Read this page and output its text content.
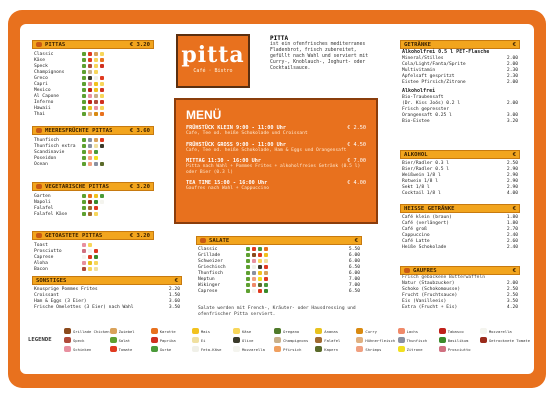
PITTAS	€ 3.20
Classic
Käse
Speck
Champignons
Greco
Capri
Mexico
Al Capone
Inferno
Hawaii
Thai
MEERESFRÜCHTE PITTAS	€ 3.60
Thunfisch
Thunfisch extra
Scandinavie
Poseidon
Ocean
VEGETARISCHE PITTAS	€ 3.20
Garten
Napoli
Falafel
Falafel Käse
GETOASTETE PITTAS	€ 3.20
Toast
Prosciutto
Caprese
Aloha
Bacon
SONSTIGES	€
Knusprige Pommes Frites	2.20
Croissant	1.50
Ham & Eggs (3 Eier)	3.60
Frische Omelettes (3 Eier) nach Wahl	3.50
pitta
Café · Bistro
PITTA
ist ein ofenfrisches mediterranes Fladenbrot, frisch zubereitet, gefüllt nach Wahl und serviert mit Curry-, Knoblauch-, Joghurt- oder Cocktailsauce.
MENÜ
FRÜHSTÜCK KLEIN 9:00 - 11:00 Uhr
Cafe, Tee od. heiße Schokolade und Croissant
€ 2.50
FRÜHSTÜCK GROSS 9:00 - 11:00 Uhr
Cafe, Tee od. heiße Schokolade, Ham & Eggs und Orangensaft
€ 4.50
MITTAG 11:30 - 16:00 Uhr
Pitta nach Wahl + Pommes Frites + alkoholfreies Getränk (0.5 l) oder Bier (0.3 l)
€ 7.00
TEA TIME 15:00 - 16:00 Uhr
Gaufres nach Wahl + Cappuccino
€ 4.00
SALATE	€
Classic	5.50
Grillade	6.00
Schweizer	6.00
Griechisch	6.50
Thunfisch	6.00
Neptun	7.00
Wikinger	7.00
Caprese	6.50
Salate werden mit French-, Kräuter- oder Hausdressing und ofenfrischer Pitta serviert.
GETRÄNKE	€
Alkoholfrei 0.5 l PET-Flasche
Mineral/Stilles	2.00
Cola/Light/Fanta/Sprite	2.00
Multivitamin	2.30
Apfelsaft gespritzt	2.30
Eistee Pfirsich/Zitrone	2.00
Alkoholfrei
Bio-Traubensaft
(Dr. Kiss Joós) 0.2 l	2.00
Frisch gepresster
Orangensaft 0.25 l	3.00
Bio-Eistee	3.20
ALKOHOL	€
Bier/Radler 0.3 l	2.50
Bier/Radler 0.5 l	2.90
Weißwein 1/8 l	2.90
Rotwein 1/8 l	2.90
Sekt 1/8 l	2.90
Cocktail 1/8 l	4.00
HEISSE GETRÄNKE	€
Café klein (braun)	1.80
Café (verlängert)	1.80
Café groß	2.70
Cappuccino	2.40
Café Latte	2.60
Heiße Schokolade	2.40
GAUFRES	€
Frisch gebackene Butterwaffeln
Natur (Staubzucker)	2.00
Schoko (Schokomousse)	2.50
Frucht (Fruchtsauce)	2.50
Eis (Vanilleeis)	3.50
Extra (Frucht + Eis)	4.20
LEGENDE
Grillade Chicken Zwiebel	Karotte	Mais	Käse	Oregano	Ananas	Curry	Lachs	Tabasco	Mozzarella
Speck	Salat	Paprika	Ei	Olive	Champignons	Falafel	Hühnerfleisch	Thunfisch	Basilikum	Getrocknete Tomate
Schinken	Tomate	Gurke	Feta-Käse	Mozzarella	Pfirsich	Kapern	Shrimps	Zitrone	Prosciutto
